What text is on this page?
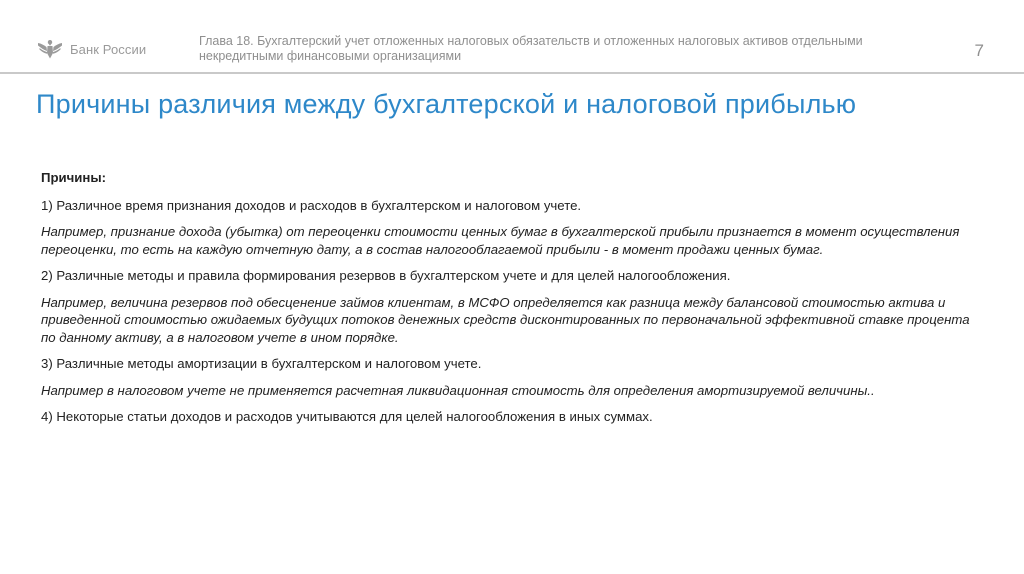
Банк России
Глава 18. Бухгалтерский учет отложенных налоговых обязательств и отложенных налоговых активов отдельными некредитными финансовыми организациями	7
Причины различия между бухгалтерской и налоговой прибылью

Причины:

1) Различное время признания доходов и расходов в бухгалтерском и налоговом учете.

Например, признание дохода (убытка) от переоценки стоимости ценных бумаг в бухгалтерской прибыли признается в момент осуществления переоценки, то есть на каждую отчетную дату, а в состав налогооблагаемой прибыли - в момент продажи ценных бумаг.

2) Различные методы и правила формирования резервов в бухгалтерском учете и для целей налогообложения.

Например, величина резервов под обесценение займов клиентам, в МСФО определяется как разница между балансовой стоимостью актива и приведенной стоимостью ожидаемых будущих потоков денежных средств дисконтированных по первоначальной эффективной ставке процента по данному активу, а в налоговом учете в ином порядке.

3) Различные методы амортизации в бухгалтерском и налоговом учете.

Например в налоговом учете не применяется расчетная ликвидационная стоимость для определения амортизируемой величины..

4) Некоторые статьи доходов и расходов учитываются для целей налогообложения в иных суммах.
